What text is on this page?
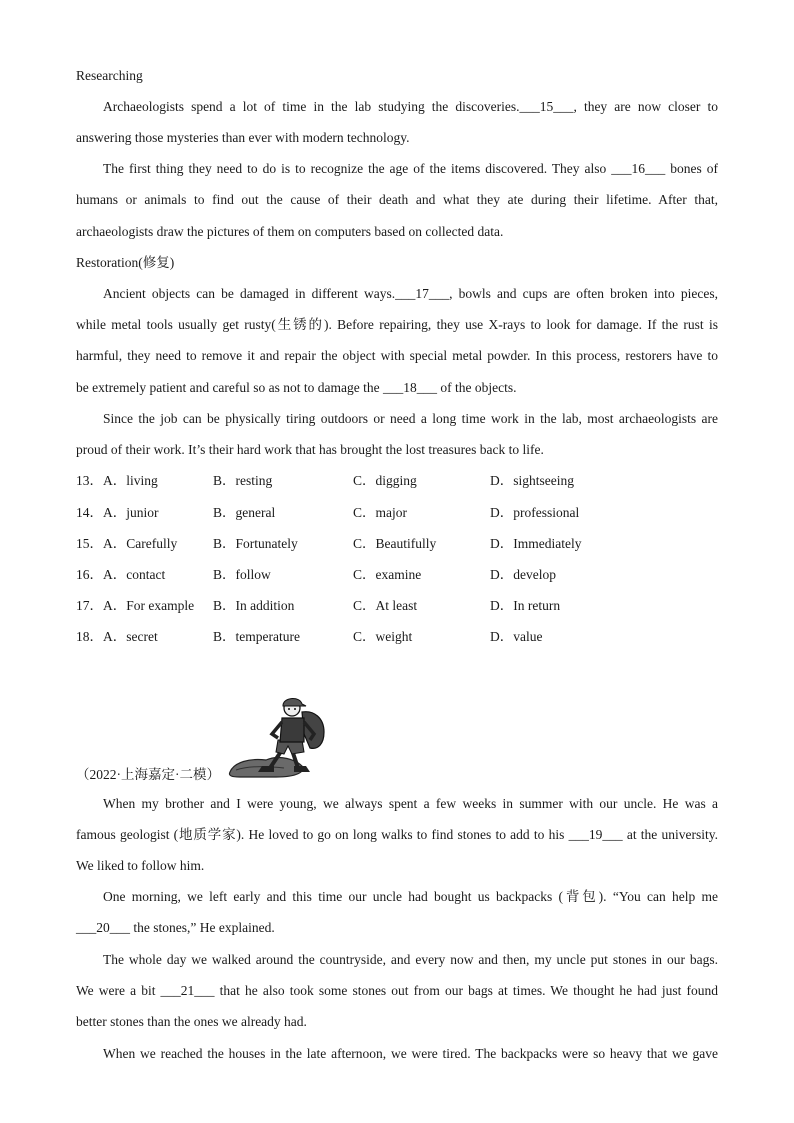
Researching
Archaeologists spend a lot of time in the lab studying the discoveries.___15___, they are now closer to
answering those mysteries than ever with modern technology.
The first thing they need to do is to recognize the age of the items discovered. They also ___16___ bones of
humans or animals to find out the cause of their death and what they ate during their lifetime. After that,
archaeologists draw the pictures of them on computers based on collected data.
Restoration(修复)
Ancient objects can be damaged in different ways.___17___, bowls and cups are often broken into pieces,
while metal tools usually get rusty(生锈的). Before repairing, they use X-rays to look for damage. If the rust is
harmful, they need to remove it and repair the object with special metal powder. In this process, restorers have to
be extremely patient and careful so as not to damage the ___18___ of the objects.
Since the job can be physically tiring outdoors or need a long time work in the lab, most archaeologists are
proud of their work. It’s their hard work that has brought the lost treasures back to life.
13． A．living	B．resting	C．digging	D．sightseeing
14． A．junior	B．general	C．major	D．professional
15． A．Carefully	B．Fortunately	C．Beautifully	D．Immediately
16． A．contact	B．follow	C．examine	D．develop
17． A．For example B．In addition	C．At least	D．In return
18． A．secret	B．temperature	C．weight	D．value
（2022·上海嘉定·二模）
When my brother and I were young, we always spent a few weeks in summer with our uncle. He was a
famous geologist (地质学家). He loved to go on long walks to find stones to add to his ___19___ at the university.
We liked to follow him.
One morning, we left early and this time our uncle had bought us backpacks (背包). “You can help me
___20___ the stones,” He explained.
The whole day we walked around the countryside, and every now and then, my uncle put stones in our bags.
We were a bit ___21___ that he also took some stones out from our bags at times. We thought he had just found
better stones than the ones we already had.
When we reached the houses in the late afternoon, we were tired. The backpacks were so heavy that we gave
